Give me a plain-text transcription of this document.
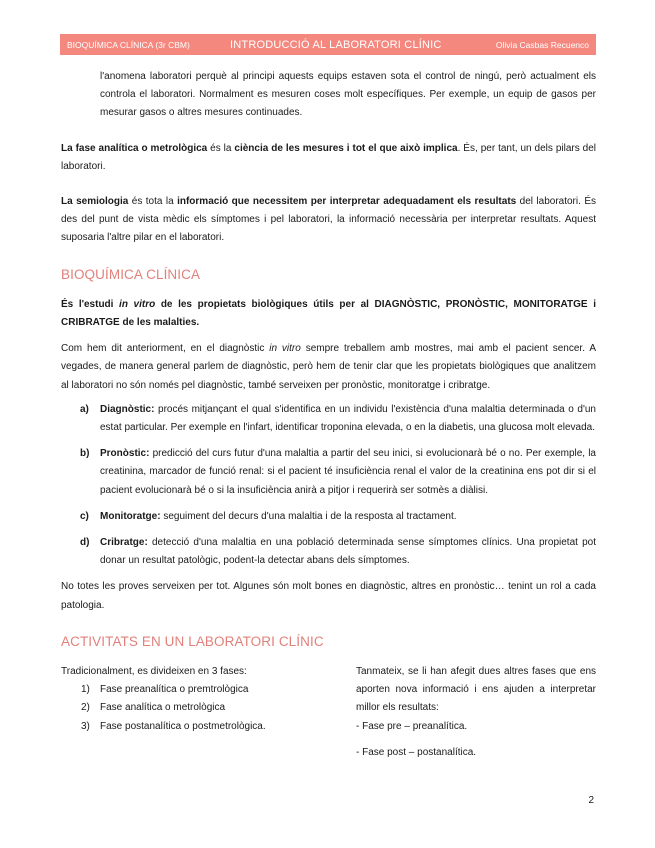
BIOQUÍMICA CLÍNICA (3r CBM)	INTRODUCCIÓ AL LABORATORI CLÍNIC	Olivia Casbas Recuenco

l'anomena laboratori perquè al principi aquests equips estaven sota el control de ningú, però actualment els controla el laboratori. Normalment es mesuren coses molt específiques. Per exemple, un equip de gasos per mesurar gasos o altres mesures continuades.

La fase analítica o metrològica és la ciència de les mesures i tot el que això implica. És, per tant, un dels pilars del laboratori.

La semiologia és tota la informació que necessitem per interpretar adequadament els resultats del laboratori. És des del punt de vista mèdic els símptomes i pel laboratori, la informació necessària per interpretar resultats. Aquest suposaria l'altre pilar en el laboratori.

BIOQUÍMICA CLÍNICA

És l'estudi in vitro de les propietats biològiques útils per al DIAGNÒSTIC, PRONÒSTIC, MONITORATGE i CRIBRATGE de les malalties.

Com hem dit anteriorment, en el diagnòstic in vitro sempre treballem amb mostres, mai amb el pacient sencer. A vegades, de manera general parlem de diagnòstic, però hem de tenir clar que les propietats biològiques que analitzem al laboratori no són només pel diagnòstic, també serveixen per pronòstic, monitoratge i cribratge.

a) Diagnòstic: procés mitjançant el qual s'identifica en un individu l'existència d'una malaltia determinada o d'un estat particular. Per exemple en l'infart, identificar troponina elevada, o en la diabetis, una glucosa molt elevada.
b) Pronòstic: predicció del curs futur d'una malaltia a partir del seu inici, si evolucionarà bé o no. Per exemple, la creatinina, marcador de funció renal: si el pacient té insuficiència renal el valor de la creatinina ens pot dir si el pacient evolucionarà bé o si la insuficiència anirà a pitjor i requerirà ser sotmès a diàlisi.
c) Monitoratge: seguiment del decurs d'una malaltia i de la resposta al tractament.
d) Cribratge: detecció d'una malaltia en una població determinada sense símptomes clínics. Una propietat pot donar un resultat patològic, podent-la detectar abans dels símptomes.

No totes les proves serveixen per tot. Algunes són molt bones en diagnòstic, altres en pronòstic… tenint un rol a cada patologia.

ACTIVITATS EN UN LABORATORI CLÍNIC

Tradicionalment, es divideixen en 3 fases:

1) Fase preanalítica o premtrològica
2) Fase analítica o metrològica
3) Fase postanalítica o postmetrològica.

Tanmateix, se li han afegit dues altres fases que ens aporten nova informació i ens ajuden a interpretar millor els resultats:

- Fase pre – preanalítica.

- Fase post – postanalítica.

2
